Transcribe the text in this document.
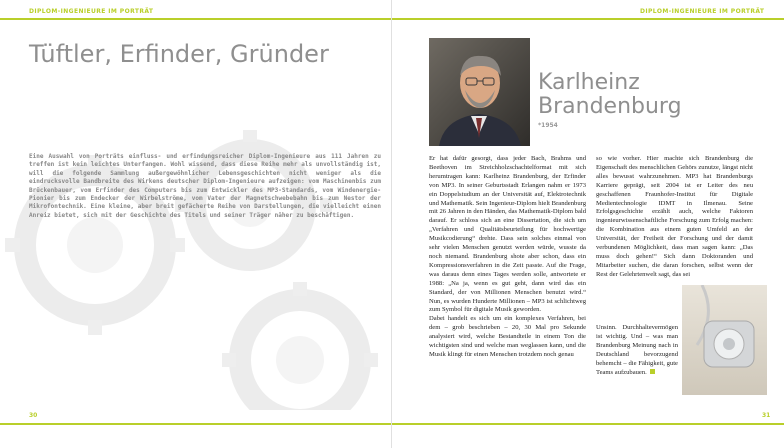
DIPLOM-INGENIEURE IM PORTRÄT
Tüftler, Erfinder, Gründer

Eine Auswahl von Porträts einfluss- und erfindungsreicher Diplom-Ingenieure aus 111 Jahren zu treffen ist kein leichtes Unterfangen. Wohl wissend, dass diese Reihe mehr als unvollständig ist, will die folgende Sammlung außergewöhnlicher Lebensgeschichten nicht weniger als die eindrucksvolle Bandbreite des Wirkens deutscher Diplom-Ingenieure aufzeigen: vom Maschinenbis zum Brückenbauer, vom Erfinder des Computers bis zum Entwickler des MP3-Standards, vom Windenergie-Pionier bis zum Endecker der Wirbelströme, vom Vater der Magnetschwebebahn bis zum Nestor der Mikrofontechnik. Eine kleine, aber breit gefächerte Reihe von Darstellungen, die vielleicht einen Anreiz bietet, sich mit der Geschichte des Titels und seiner Träger näher zu beschäftigen.

30
DIPLOM-INGENIEURE IM PORTRÄT
31
Karlheinz
Brandenburg
*1954

Er hat dafür gesorgt, dass jeder Bach, Brahms und Beethoven im Streichholzschachtelformat mit sich herumtragen kann: Karlheinz Brandenburg, der Erfinder von MP3. In seiner Geburtsstadt Erlangen nahm er 1973 ein Doppelstudium an der Universität auf, Elektrotechnik und Mathematik. Sein Ingenieur-Diplom hielt Brandenburg mit 26 Jahren in den Händen, das Mathematik-Diplom bald darauf. Er schloss sich an eine Dissertation, die sich um „Verfahren und Qualitätsbeurteilung für hochwertige Musikcodierung“ drehte. Dass sein solches einmal von sehr vielen Menschen genutzt werden würde, wusste da noch niemand. Brandenburg shote aber schon, dass ein Kompressionsverfahren in die Zeit passte. Auf die Frage, was daraus denn eines Tages werden solle, antwortete er 1988: „Na ja, wenn es gut geht, dann wird das ein Standard, der von Millionen Menschen benutzt wird.“ Nun, es wurden Hunderte Millionen – MP3 ist schlichtweg zum Symbol für digitale Musik geworden.
Dabei handelt es sich um ein komplexes Verfahren, bei dem – grob beschrieben – 20, 30 Mal pro Sekunde analysiert wird, welche Bestandteile in einem Ton die wichtigsten sind und welche man weglassen kann, und die Musik klingt für einen Menschen trotzdem noch genau

so wie vorher. Hier machte sich Brandenburg die Eigenschaft des menschlichen Gehörs zunutze, längst nicht alles bewusst wahrzunehmen. MP3 hat Brandenburgs Karriere geprägt, seit 2004 ist er Leiter des neu geschaffenen Fraunhofer-Institut für Digitale Medientechnologie IDMT in Ilmenau. Seine Erfolgsgeschichte erzählt auch, welche Faktoren ingenieurwissenschaftliche Forschung zum Erfolg machen: die Kombination aus einem guten Umfeld an der Universität, der Freiheit der Forschung und der damit verbundenen Möglichkeit, dass man sagen kann: „Das muss doch gehen!“ Sich dann Doktoranden und Mitarbeiter suchen, die daran forschen, selbst wenn der Rest der Gelehrtenwelt sagt, das sei

Unsinn. Durchhaltevermögen ist wichtig. Und – was man Brandenburg Meinung nach in Deutschland bevorzugend behemcht – die Fähigkeit, gute Teams aufzubauen.
